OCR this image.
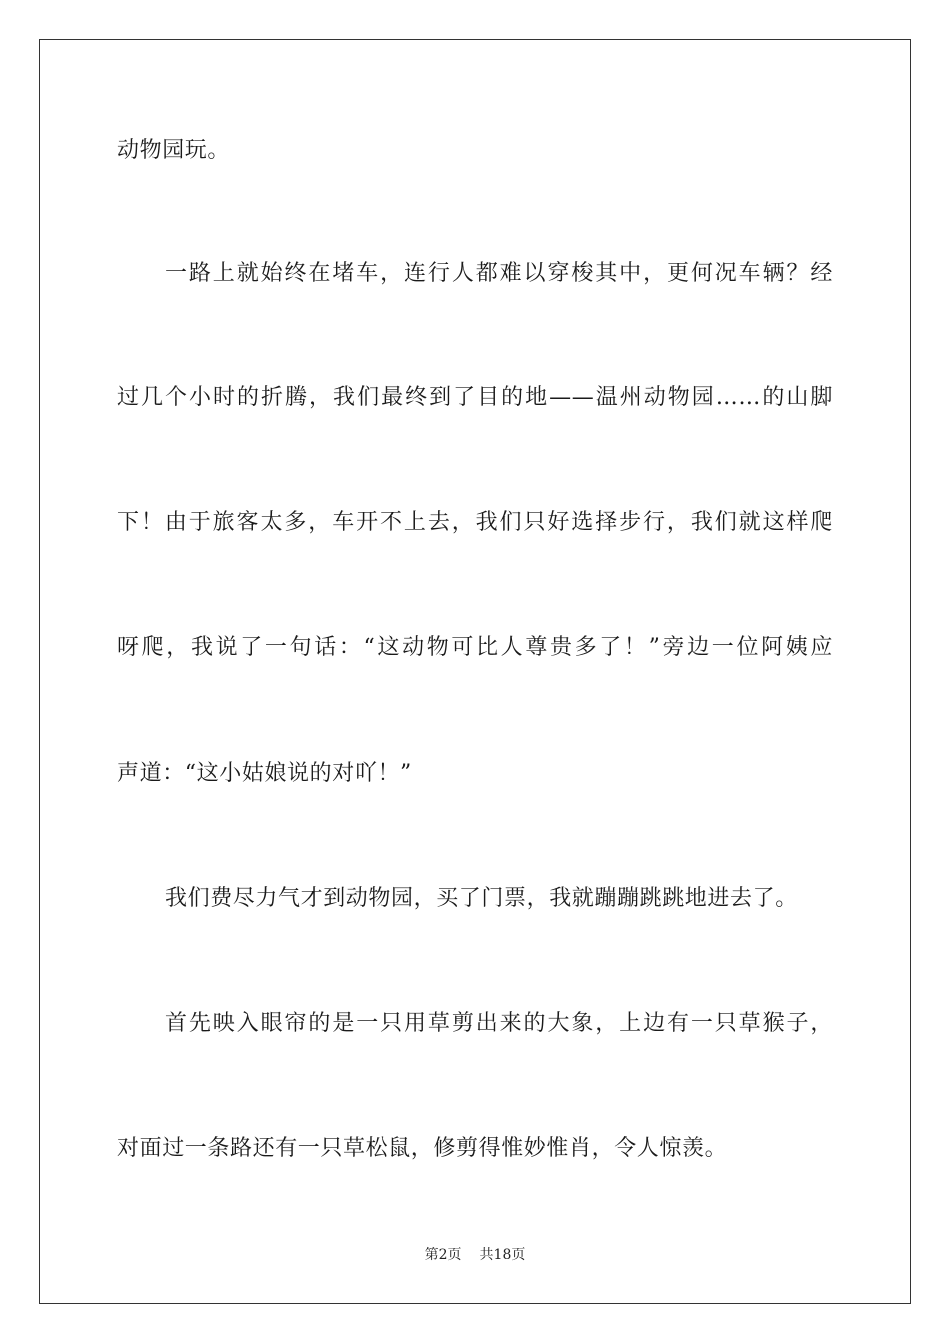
动物园玩。
一路上就始终在堵车，连行人都难以穿梭其中，更何况车辆？经
过几个小时的折腾，我们最终到了目的地——温州动物园……的山脚
下！由于旅客太多，车开不上去，我们只好选择步行，我们就这样爬
呀爬，我说了一句话：“这动物可比人尊贵多了！”旁边一位阿姨应
声道：“这小姑娘说的对吖！”
我们费尽力气才到动物园，买了门票，我就蹦蹦跳跳地进去了。
首先映入眼帘的是一只用草剪出来的大象，上边有一只草猴子，
对面过一条路还有一只草松鼠，修剪得惟妙惟肖，令人惊羡。
第2页 共18页
